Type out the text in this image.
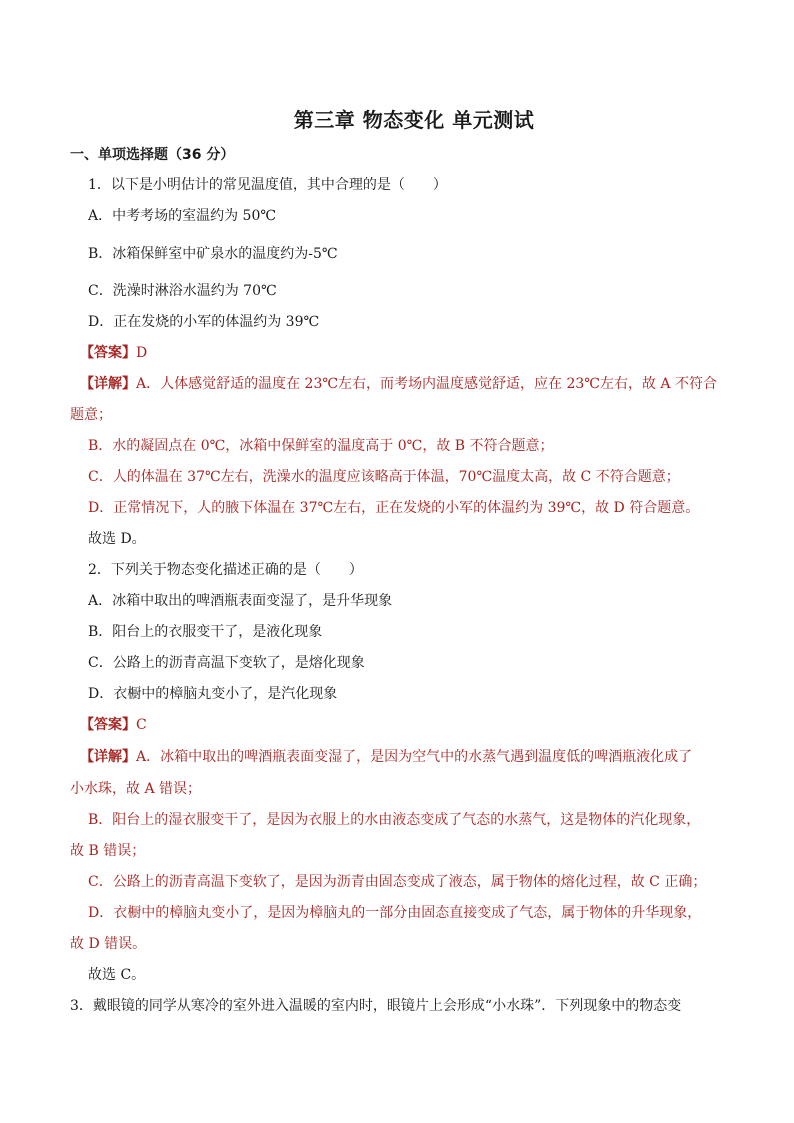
第三章 物态变化 单元测试
一、单项选择题（36 分）
1．以下是小明估计的常见温度值，其中合理的是（　　）
A．中考考场的室温约为 50℃
B．冰箱保鲜室中矿泉水的温度约为-5℃
C．洗澡时淋浴水温约为 70℃
D．正在发烧的小军的体温约为 39℃
【答案】D
【详解】A．人体感觉舒适的温度在 23℃左右，而考场内温度感觉舒适，应在 23℃左右，故 A 不符合
题意；
B．水的凝固点在 0℃，冰箱中保鲜室的温度高于 0℃，故 B 不符合题意；
C．人的体温在 37℃左右，洗澡水的温度应该略高于体温，70℃温度太高，故 C 不符合题意；
D．正常情况下，人的腋下体温在 37℃左右，正在发烧的小军的体温约为 39℃，故 D 符合题意。
故选 D。
2．下列关于物态变化描述正确的是（　　）
A．冰箱中取出的啤酒瓶表面变湿了，是升华现象
B．阳台上的衣服变干了，是液化现象
C．公路上的沥青高温下变软了，是熔化现象
D．衣橱中的樟脑丸变小了，是汽化现象
【答案】C
【详解】A．冰箱中取出的啤酒瓶表面变湿了，是因为空气中的水蒸气遇到温度低的啤酒瓶液化成了
小水珠，故 A 错误；
B．阳台上的湿衣服变干了，是因为衣服上的水由液态变成了气态的水蒸气，这是物体的汽化现象，
故 B 错误；
C．公路上的沥青高温下变软了，是因为沥青由固态变成了液态，属于物体的熔化过程，故 C 正确；
D．衣橱中的樟脑丸变小了，是因为樟脑丸的一部分由固态直接变成了气态，属于物体的升华现象，
故 D 错误。
故选 C。
3．戴眼镜的同学从寒冷的室外进入温暖的室内时，眼镜片上会形成“小水珠”．下列现象中的物态变
